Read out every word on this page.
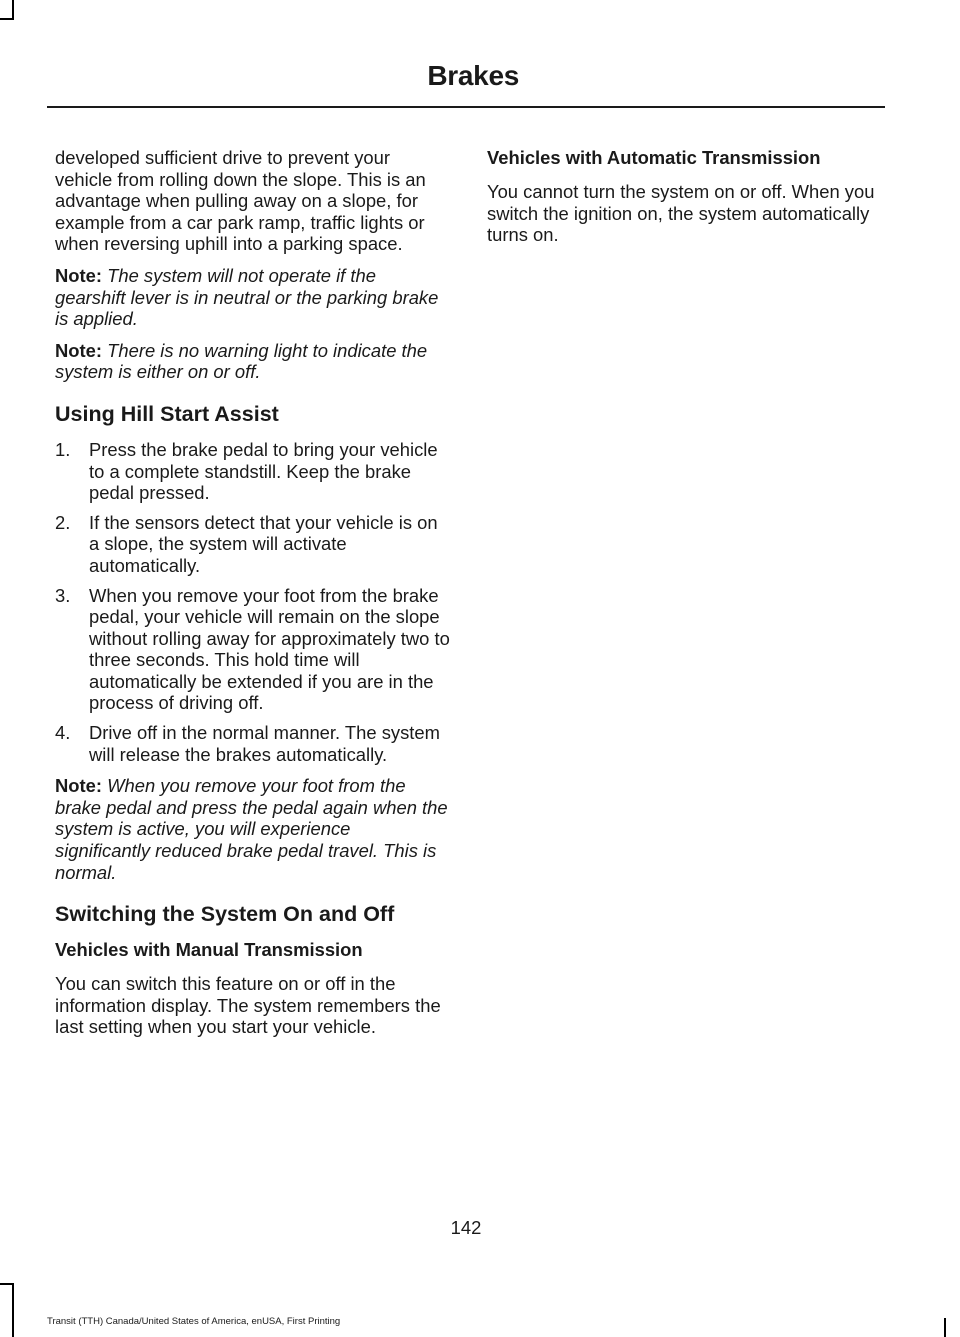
Brakes

developed sufficient drive to prevent your vehicle from rolling down the slope. This is an advantage when pulling away on a slope, for example from a car park ramp, traffic lights or when reversing uphill into a parking space.

Note: The system will not operate if the gearshift lever is in neutral or the parking brake is applied.

Note: There is no warning light to indicate the system is either on or off.

Using Hill Start Assist
1. Press the brake pedal to bring your vehicle to a complete standstill. Keep the brake pedal pressed.
2. If the sensors detect that your vehicle is on a slope, the system will activate automatically.
3. When you remove your foot from the brake pedal, your vehicle will remain on the slope without rolling away for approximately two to three seconds. This hold time will automatically be extended if you are in the process of driving off.
4. Drive off in the normal manner. The system will release the brakes automatically.

Note: When you remove your foot from the brake pedal and press the pedal again when the system is active, you will experience significantly reduced brake pedal travel. This is normal.

Switching the System On and Off
Vehicles with Manual Transmission

You can switch this feature on or off in the information display. The system remembers the last setting when you start your vehicle.

Vehicles with Automatic Transmission

You cannot turn the system on or off. When you switch the ignition on, the system automatically turns on.

142
Transit (TTH) Canada/United States of America, enUSA, First Printing
